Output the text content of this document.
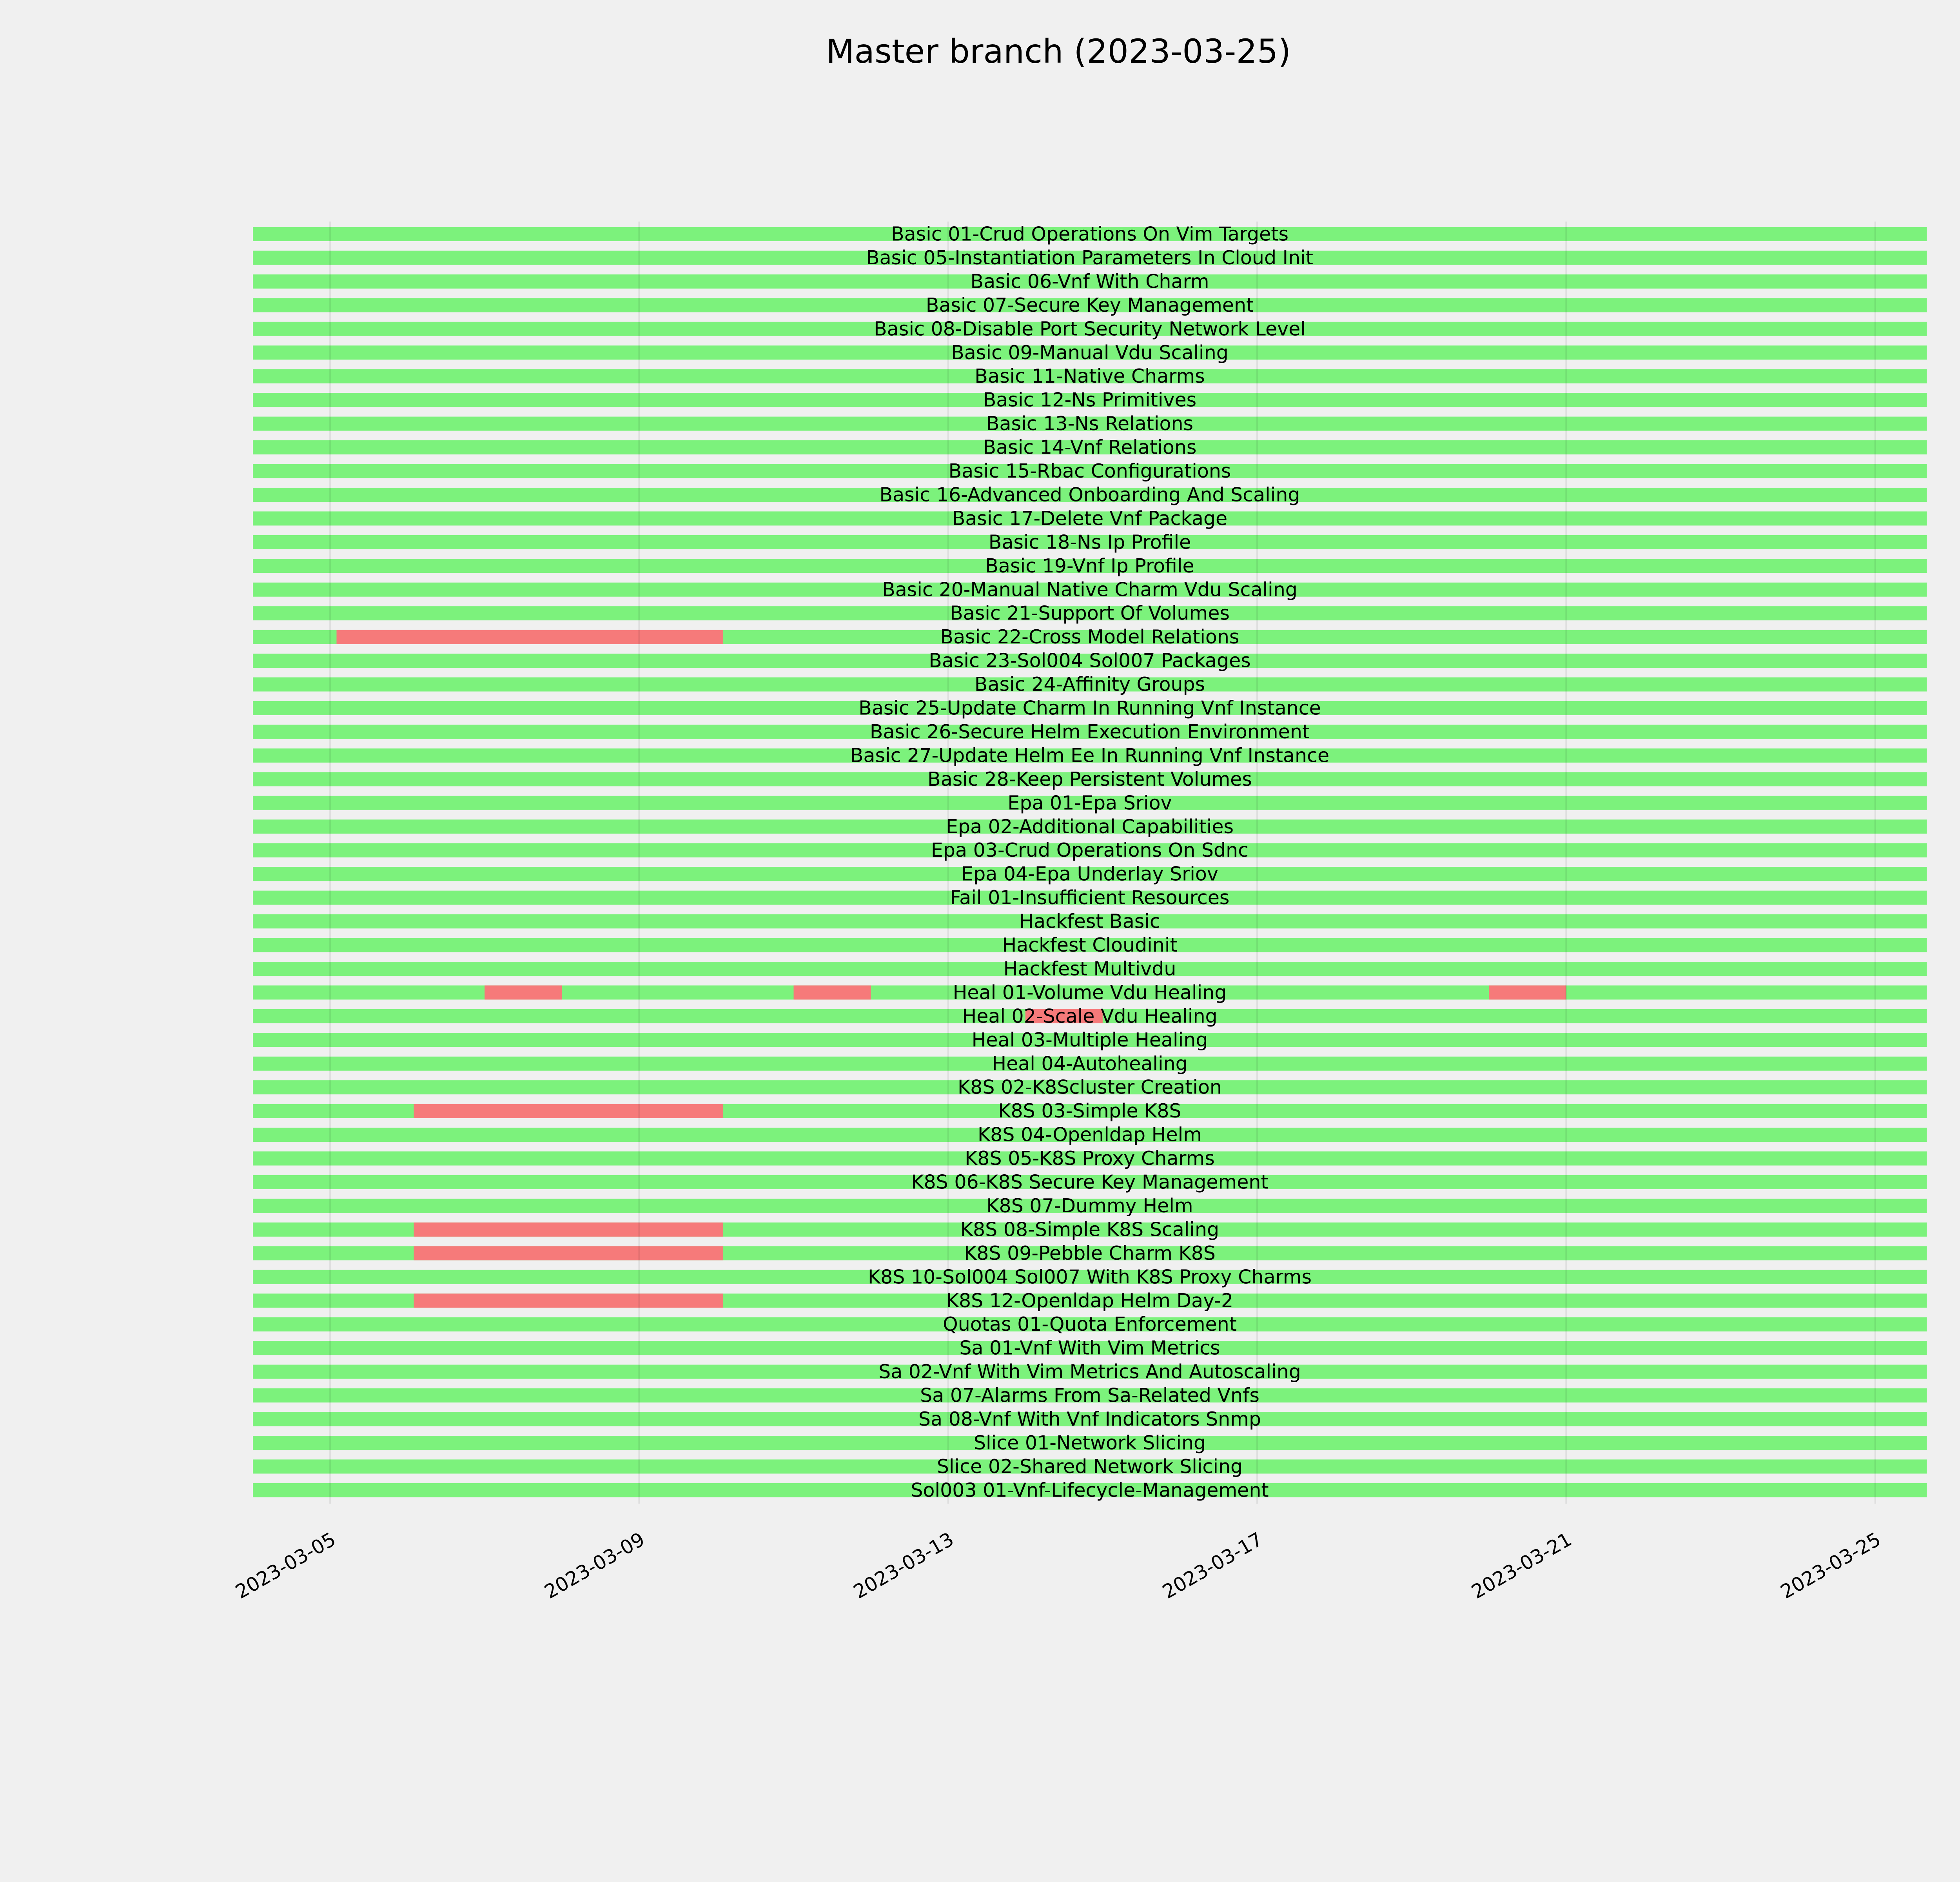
Basic 01-Crud Operations On Vim Targets
Basic 05-Instantiation Parameters In Cloud Init
Basic 06-Vnf With Charm
Basic 07-Secure Key Management
Basic 08-Disable Port Security Network Level
Basic 09-Manual Vdu Scaling
Basic 11-Native Charms
Basic 12-Ns Primitives
Basic 13-Ns Relations
Basic 14-Vnf Relations
Basic 15-Rbac Configurations
Basic 16-Advanced Onboarding And Scaling
Basic 17-Delete Vnf Package
Basic 18-Ns Ip Profile
Basic 19-Vnf Ip Profile
Basic 20-Manual Native Charm Vdu Scaling
Basic 21-Support Of Volumes
Basic 22-Cross Model Relations
Basic 23-Sol004 Sol007 Packages
Basic 24-Affinity Groups
Basic 25-Update Charm In Running Vnf Instance
Basic 26-Secure Helm Execution Environment
Basic 27-Update Helm Ee In Running Vnf Instance
Basic 28-Keep Persistent Volumes
Epa 01-Epa Sriov
Epa 02-Additional Capabilities
Epa 03-Crud Operations On Sdnc
Epa 04-Epa Underlay Sriov
Fail 01-Insufficient Resources
Hackfest Basic
Hackfest Cloudinit
Hackfest Multivdu
Heal 01-Volume Vdu Healing
Heal 02-Scale Vdu Healing
Heal 03-Multiple Healing
Heal 04-Autohealing
K8S 02-K8Scluster Creation
K8S 03-Simple K8S
K8S 04-Openldap Helm
K8S 05-K8S Proxy Charms
K8S 06-K8S Secure Key Management
K8S 07-Dummy Helm
K8S 08-Simple K8S Scaling
K8S 09-Pebble Charm K8S
K8S 10-Sol004 Sol007 With K8S Proxy Charms
K8S 12-Openldap Helm Day-2
Quotas 01-Quota Enforcement
Sa 01-Vnf With Vim Metrics
Sa 02-Vnf With Vim Metrics And Autoscaling
Sa 07-Alarms From Sa-Related Vnfs
Sa 08-Vnf With Vnf Indicators Snmp
Slice 01-Network Slicing
Slice 02-Shared Network Slicing
Sol003 01-Vnf-Lifecycle-Management
2023-03-05	2023-03-09	2023-03-13	2023-03-17	2023-03-21	2023-03-25
Master branch (2023-03-25)
